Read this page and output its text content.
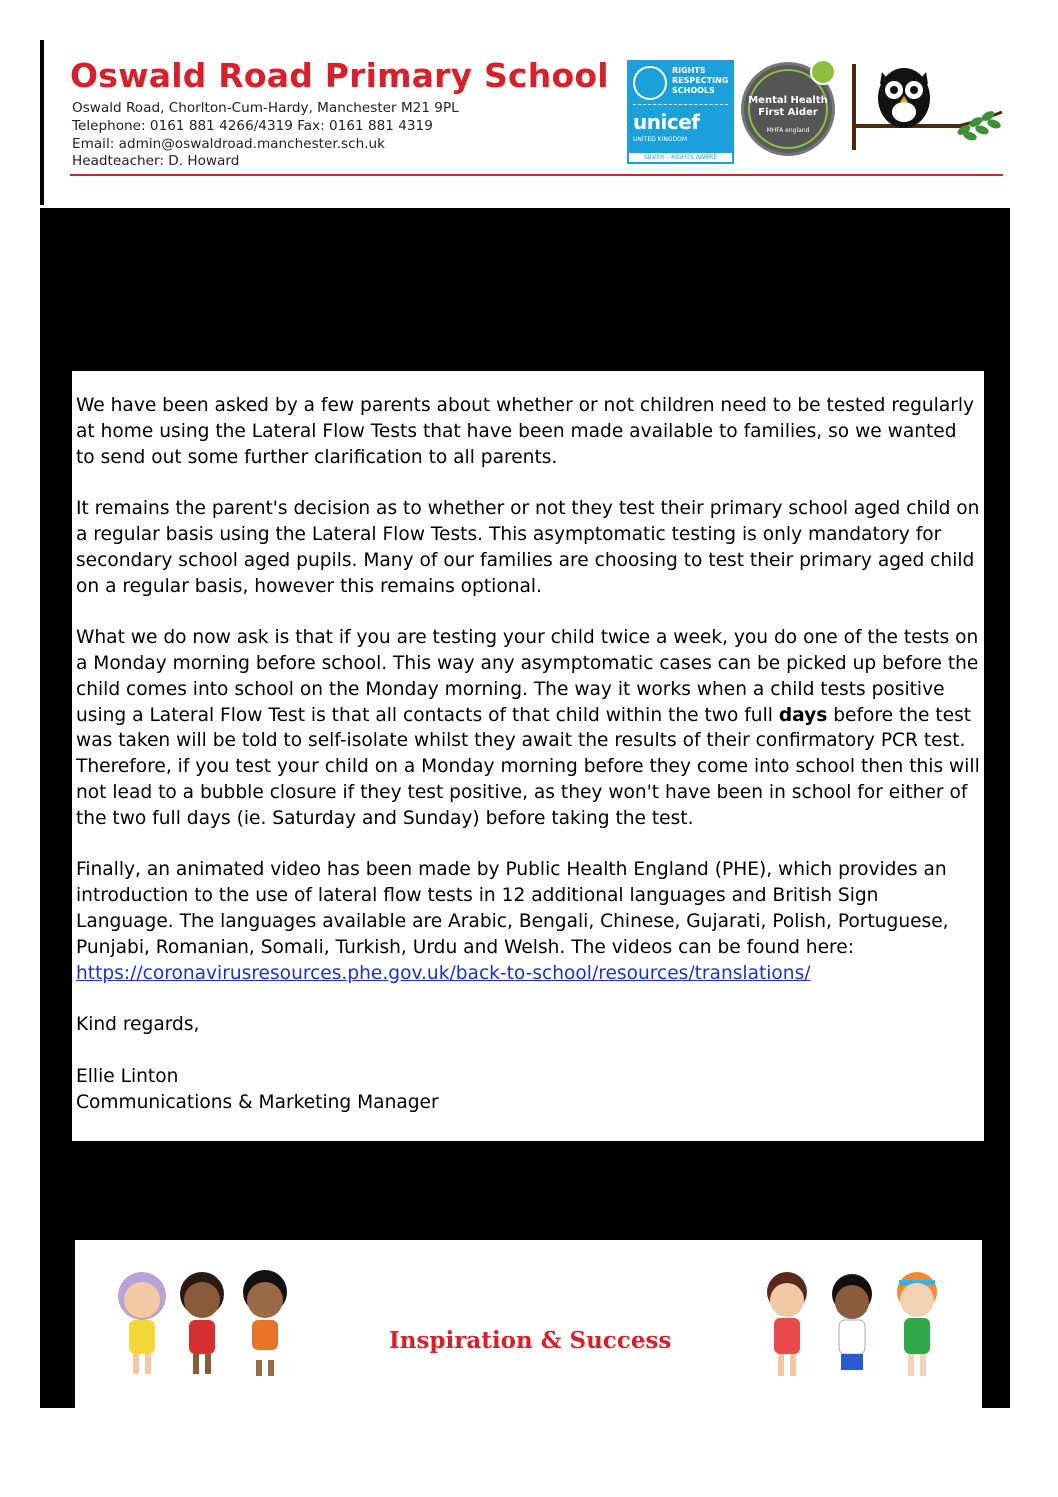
Oswald Road Primary School
Oswald Road, Chorlton-Cum-Hardy, Manchester M21 9PL
Telephone: 0161 881 4266/4319 Fax: 0161 881 4319
Email: admin@oswaldroad.manchester.sch.uk
Headteacher: D. Howard
RIGHTS RESPECTING SCHOOLS
unicef
UNITED KINGDOM
SILVER – RIGHTS AWARE
Mental Health First Aider
MHFA england

We have been asked by a few parents about whether or not children need to be tested regularly at home using the Lateral Flow Tests that have been made available to families, so we wanted to send out some further clarification to all parents.

It remains the parent's decision as to whether or not they test their primary school aged child on a regular basis using the Lateral Flow Tests. This asymptomatic testing is only mandatory for secondary school aged pupils. Many of our families are choosing to test their primary aged child on a regular basis, however this remains optional.

What we do now ask is that if you are testing your child twice a week, you do one of the tests on a Monday morning before school. This way any asymptomatic cases can be picked up before the child comes into school on the Monday morning. The way it works when a child tests positive using a Lateral Flow Test is that all contacts of that child within the two full days before the test was taken will be told to self-isolate whilst they await the results of their confirmatory PCR test. Therefore, if you test your child on a Monday morning before they come into school then this will not lead to a bubble closure if they test positive, as they won't have been in school for either of the two full days (ie. Saturday and Sunday) before taking the test.

Finally, an animated video has been made by Public Health England (PHE), which provides an introduction to the use of lateral flow tests in 12 additional languages and British Sign Language. The languages available are Arabic, Bengali, Chinese, Gujarati, Polish, Portuguese, Punjabi, Romanian, Somali, Turkish, Urdu and Welsh. The videos can be found here: https://coronavirusresources.phe.gov.uk/back-to-school/resources/translations/

Kind regards,

Ellie Linton

Communications & Marketing Manager

Inspiration & Success
